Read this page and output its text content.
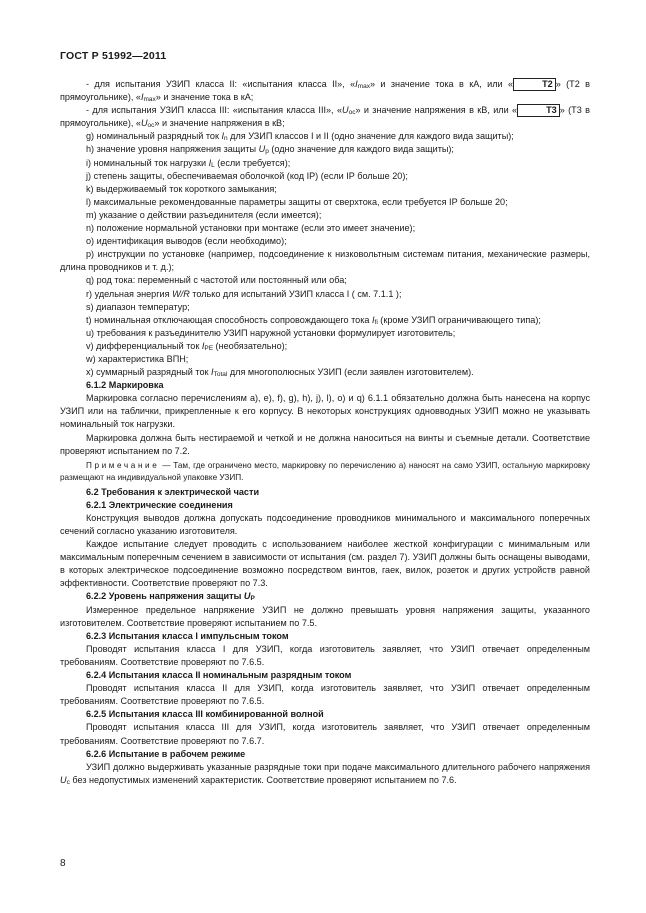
ГОСТ Р 51992—2011
- для испытания УЗИП класса II: «испытания класса II», «$I_{max}$» и значение тока в кА, или «	T2 » (Т2 в прямоугольнике), «$I_{max}$» и значение тока в кА;
- для испытания УЗИП класса III: «испытания класса III», «$U_{oc}$» и значение напряжения в кВ, или «	T3 » (Т3 в прямоугольнике), «$U_{oc}$» и значение напряжения в кВ;
g) номинальный разрядный ток $I_n$ для УЗИП классов I и II (одно значение для каждого вида защиты);
h) значение уровня напряжения защиты $U_p$ (одно значение для каждого вида защиты);
i) номинальный ток нагрузки $I_L$ (если требуется);
j) степень защиты, обеспечиваемая оболочкой (код IP) (если IP больше 20);
k) выдерживаемый ток короткого замыкания;
l) максимальные рекомендованные параметры защиты от сверхтока, если требуется IP больше 20;
m) указание о действии разъединителя (если имеется);
n) положение нормальной установки при монтаже (если это имеет значение);
o) идентификация выводов (если необходимо);
p) инструкции по установке (например, подсоединение к низковольтным системам питания, механические размеры, длина проводников и т. д.);
q) род тока: переменный с частотой или постоянный или оба;
r) удельная энергия W/R только для испытаний УЗИП класса I ( см. 7.1.1 );
s) диапазон температур;
t) номинальная отключающая способность сопровождающего тока $I_{fi}$ (кроме УЗИП ограничивающего типа);
u) требования к разъединителю УЗИП наружной установки формулирует изготовитель;
v) дифференциальный ток $I_{PE}$ (необязательно);
w) характеристика ВПН;
x) суммарный разрядный ток $I_{Total}$ для многополюсных УЗИП (если заявлен изготовителем).
6.1.2 Маркировка
Маркировка согласно перечислениям а), е), f), g), h), j), l), о) и q) 6.1.1 обязательно должна быть нанесена на корпус УЗИП или на таблички, прикрепленные к его корпусу. В некоторых конструкциях одновводных УЗИП можно не указывать номинальный ток нагрузки.
Маркировка должна быть нестираемой и четкой и не должна наноситься на винты и съемные детали. Соответствие проверяют испытанием по 7.2.
Примечание — Там, где ограничено место, маркировку по перечислению а) наносят на само УЗИП, остальную маркировку размещают на индивидуальной упаковке УЗИП.
6.2 Требования к электрической части
6.2.1 Электрические соединения
Конструкция выводов должна допускать подсоединение проводников минимального и максимального поперечных сечений согласно указанию изготовителя.
Каждое испытание следует проводить с использованием наиболее жесткой конфигурации с минимальным или максимальным поперечным сечением в зависимости от испытания (см. раздел 7). УЗИП должны быть оснащены выводами, в которых электрическое подсоединение возможно посредством винтов, гаек, вилок, розеток и других устройств равной эффективности. Соответствие проверяют по 7.3.
6.2.2 Уровень напряжения защиты $U_P$
Измеренное предельное напряжение УЗИП не должно превышать уровня напряжения защиты, указанного изготовителем. Соответствие проверяют испытанием по 7.5.
6.2.3 Испытания класса I импульсным током
Проводят испытания класса I для УЗИП, когда изготовитель заявляет, что УЗИП отвечает определенным требованиям. Соответствие проверяют по 7.6.5.
6.2.4 Испытания класса II номинальным разрядным током
Проводят испытания класса II для УЗИП, когда изготовитель заявляет, что УЗИП отвечает определенным требованиям. Соответствие проверяют по 7.6.5.
6.2.5 Испытания класса III комбинированной волной
Проводят испытания класса III для УЗИП, когда изготовитель заявляет, что УЗИП отвечает определенным требованиям. Соответствие проверяют по 7.6.7.
6.2.6 Испытание в рабочем режиме
УЗИП должно выдерживать указанные разрядные токи при подаче максимального длительного рабочего напряжения $U_c$ без недопустимых изменений характеристик. Соответствие проверяют испытанием по 7.6.
8
